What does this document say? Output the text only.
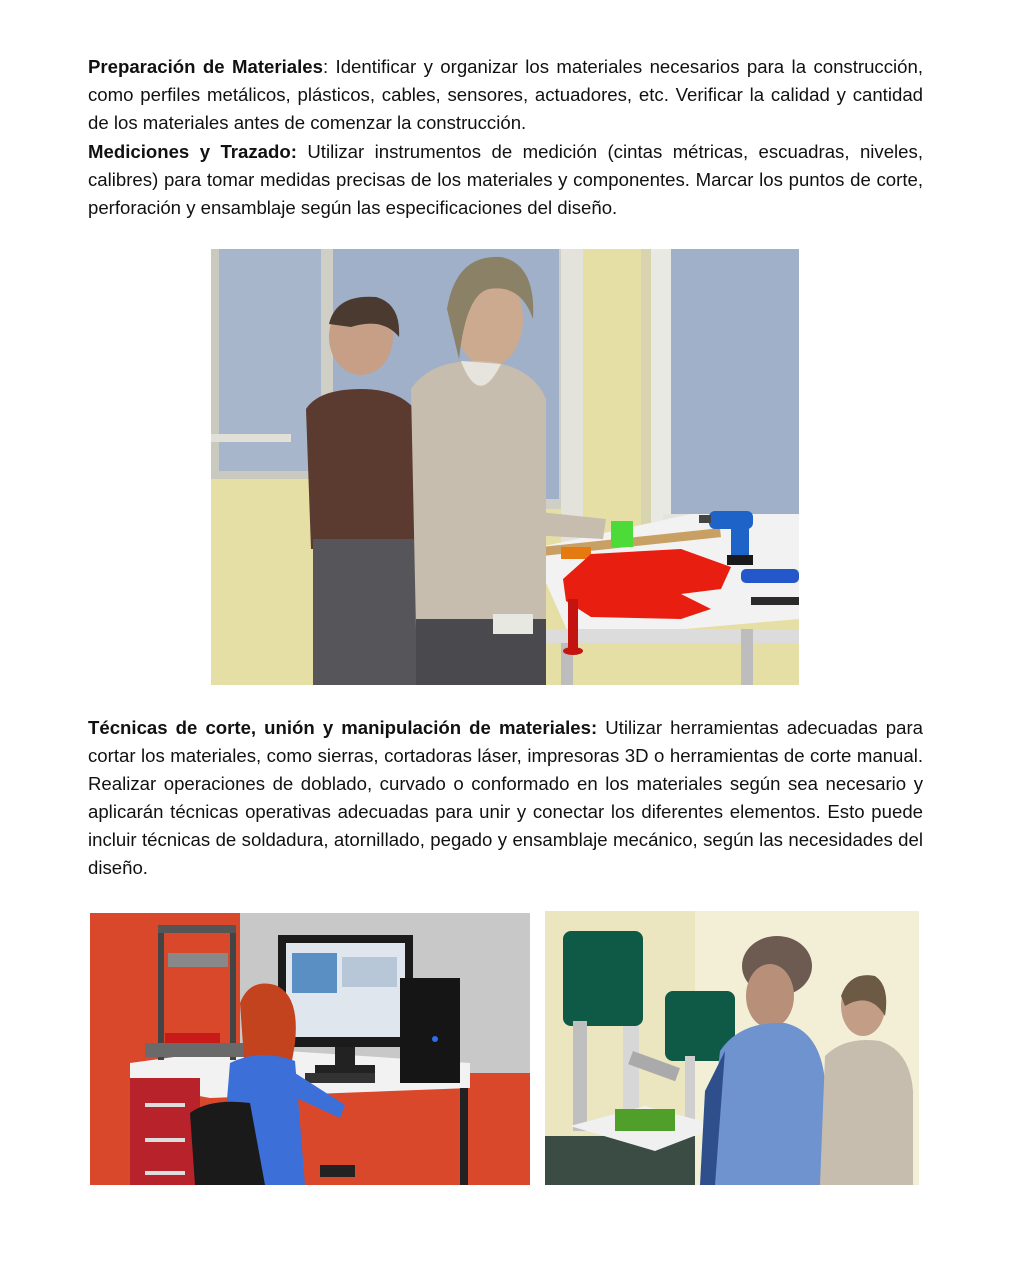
Preparación de Materiales: Identificar y organizar los materiales necesarios para la construcción, como perfiles metálicos, plásticos, cables, sensores, actuadores, etc. Verificar la calidad y cantidad de los materiales antes de comenzar la construcción.

Mediciones y Trazado: Utilizar instrumentos de medición (cintas métricas, escuadras, niveles, calibres) para tomar medidas precisas de los materiales y componentes. Marcar los puntos de corte, perforación y ensamblaje según las especificaciones del diseño.

Técnicas de corte, unión y manipulación de materiales: Utilizar herramientas adecuadas para cortar los materiales, como sierras, cortadoras láser, impresoras 3D o herramientas de corte manual. Realizar operaciones de doblado, curvado o conformado en los materiales según sea necesario y aplicarán técnicas operativas adecuadas para unir y conectar los diferentes elementos. Esto puede incluir técnicas de soldadura, atornillado, pegado y ensamblaje mecánico, según las necesidades del diseño.
